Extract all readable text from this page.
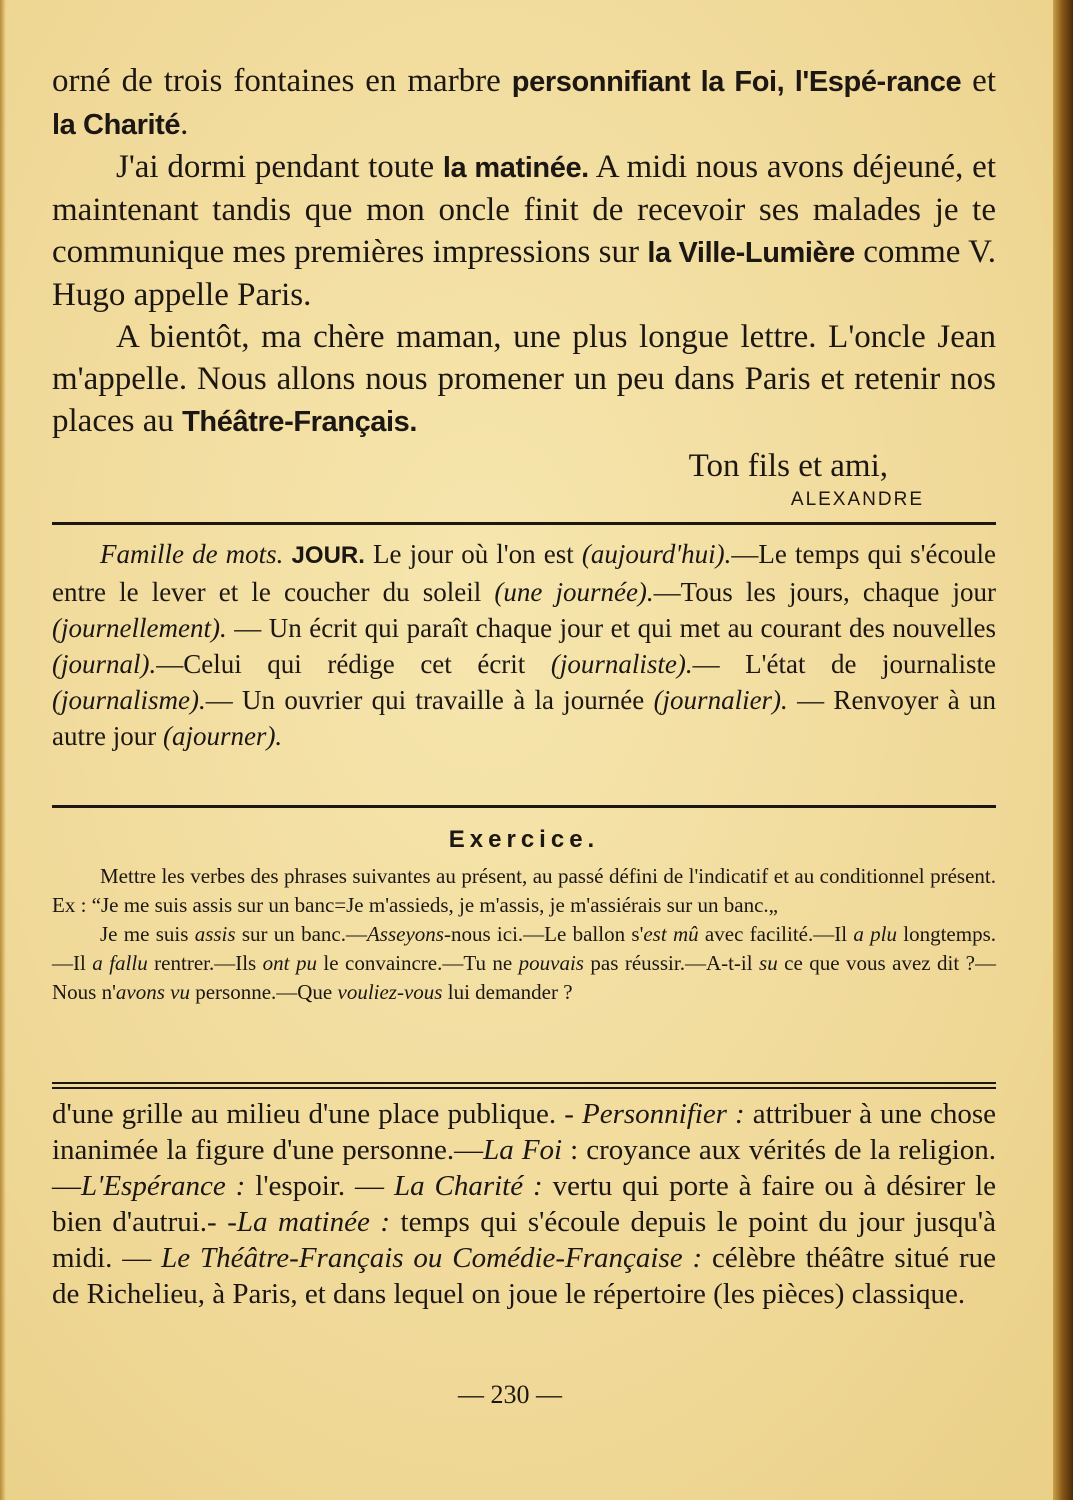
orné de trois fontaines en marbre personnifiant la Foi, l'Espé-rance et la Charité.

J'ai dormi pendant toute la matinée. A midi nous avons déjeuné, et maintenant tandis que mon oncle finit de recevoir ses malades je te communique mes premières impressions sur la Ville-Lumière comme V. Hugo appelle Paris.

A bientôt, ma chère maman, une plus longue lettre. L'oncle Jean m'appelle. Nous allons nous promener un peu dans Paris et retenir nos places au Théâtre-Français.

Ton fils et ami,

ALEXANDRE

Famille de mots. JOUR. Le jour où l'on est (aujourd'hui).—Le temps qui s'écoule entre le lever et le coucher du soleil (une journée).—Tous les jours, chaque jour (journellement). — Un écrit qui paraît chaque jour et qui met au courant des nouvelles (journal).—Celui qui rédige cet écrit (journaliste).— L'état de journaliste (journalisme).— Un ouvrier qui travaille à la journée (journalier). — Renvoyer à un autre jour (ajourner).

Exercice.

Mettre les verbes des phrases suivantes au présent, au passé défini de l'indicatif et au conditionnel présent. Ex : “Je me suis assis sur un banc=Je m'assieds, je m'assis, je m'assiérais sur un banc.„

Je me suis assis sur un banc.—Asseyons-nous ici.—Le ballon s'est mû avec facilité.—Il a plu longtemps.—Il a fallu rentrer.—Ils ont pu le convaincre.—Tu ne pouvais pas réussir.—A-t-il su ce que vous avez dit ?—Nous n'avons vu personne.—Que vouliez-vous lui demander ?

d'une grille au milieu d'une place publique. - Personnifier : attribuer à une chose inanimée la figure d'une personne.—La Foi : croyance aux vérités de la religion.—L'Espérance : l'espoir. — La Charité : vertu qui porte à faire ou à désirer le bien d'autrui.- -La matinée : temps qui s'écoule depuis le point du jour jusqu'à midi. — Le Théâtre-Français ou Comédie-Française : célèbre théâtre situé rue de Richelieu, à Paris, et dans lequel on joue le répertoire (les pièces) classique.

— 230 —
